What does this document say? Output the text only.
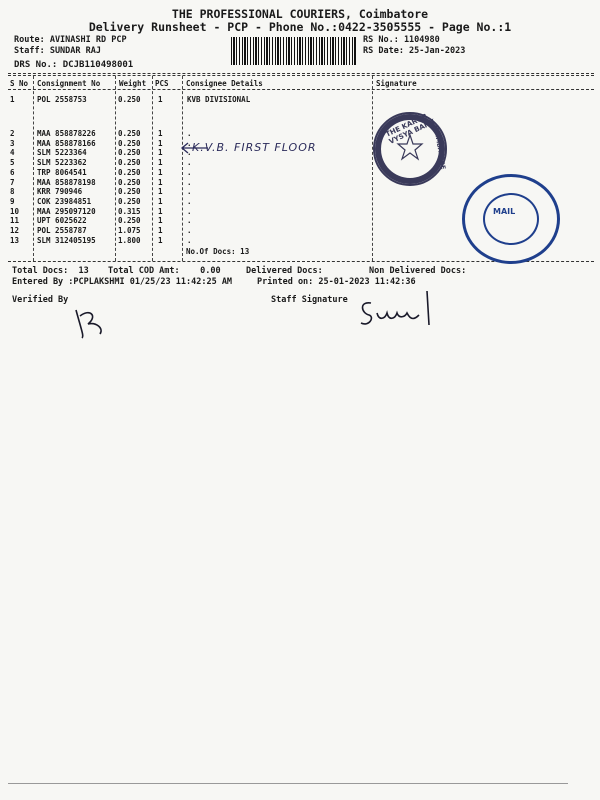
THE PROFESSIONAL COURIERS, Coimbatore
Delivery Runsheet - PCP - Phone No.:0422-3505555 - Page No.:1
Route: AVINASHI RD PCP
Staff: SUNDAR RAJ
DRS No.: DCJB110498001
RS No.: 1104980
RS Date: 25-Jan-2023
S No Consignment No	Weight PCS Consignee Details	Signature
1	POL 2558753	0.250 1	KVB DIVISIONAL
2	MAA 858878226	0.250 1	.
3	MAA 858878166	0.250 1	.
4	SLM 5223364	0.250 1	.
5	SLM 5223362	0.250 1	.
6	TRP 8064541	0.250 1	.
7	MAA 858878198	0.250 1	.
8	KRR 790946	0.250 1	.
9	COK 23984851	0.250 1	.
10 MAA 295097120	0.315 1	.
11 UPT 6025622	0.250 1	.
12 POL 2558787	1.075 1	.
13 SLM 312405195	1.800 1	.
No.Of Docs: 13
K.V.B. FIRST FLOOR
THE KARUR VYSYA BANK
COIMBATORE
MAIL
Total Docs:  13 Total COD Amt:    0.00	Delivered Docs:	Non Delivered Docs:
Entered By :PCPLAKSHMI 01/25/23 11:42:25 AM	Printed on: 25-01-2023 11:42:36
Verified By	Staff Signature
